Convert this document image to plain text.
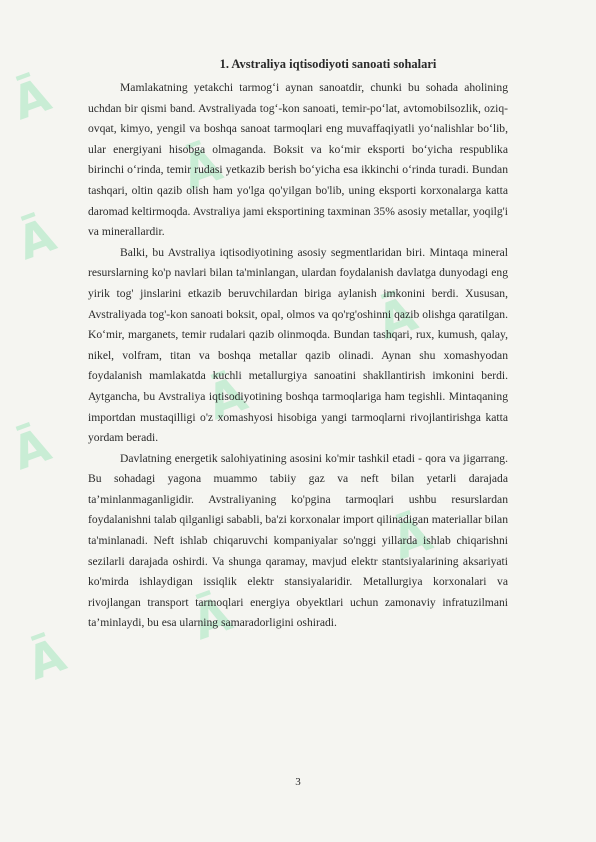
Ā
Ā
Ā
Ā
Ā
Ā
Ā
Ā
Ā
1. Avstraliya iqtisodiyoti sanoati sohalari

Mamlakatning yetakchi tarmog‘i aynan sanoatdir, chunki bu sohada aholining uchdan bir qismi band. Avstraliyada tog‘-kon sanoati, temir-po‘lat, avtomobilsozlik, oziq-ovqat, kimyo, yengil va boshqa sanoat tarmoqlari eng muvaffaqiyatli yo‘nalishlar bo‘lib, ular energiyani hisobga olmaganda. Boksit va ko‘mir eksporti bo‘yicha respublika birinchi o‘rinda, temir rudasi yetkazib berish bo‘yicha esa ikkinchi o‘rinda turadi. Bundan tashqari, oltin qazib olish ham yo'lga qo'yilgan bo'lib, uning eksporti korxonalarga katta daromad keltirmoqda. Avstraliya jami eksportining taxminan 35% asosiy metallar, yoqilg'i va minerallardir.

Balki, bu Avstraliya iqtisodiyotining asosiy segmentlaridan biri. Mintaqa mineral resurslarning ko'p navlari bilan ta'minlangan, ulardan foydalanish davlatga dunyodagi eng yirik tog' jinslarini etkazib beruvchilardan biriga aylanish imkonini berdi. Xususan, Avstraliyada tog'-kon sanoati boksit, opal, olmos va qo'rg'oshinni qazib olishga qaratilgan. Ko‘mir, marganets, temir rudalari qazib olinmoqda. Bundan tashqari, rux, kumush, qalay, nikel, volfram, titan va boshqa metallar qazib olinadi. Aynan shu xomashyodan foydalanish mamlakatda kuchli metallurgiya sanoatini shakllantirish imkonini berdi. Aytgancha, bu Avstraliya iqtisodiyotining boshqa tarmoqlariga ham tegishli. Mintaqaning importdan mustaqilligi o'z xomashyosi hisobiga yangi tarmoqlarni rivojlantirishga katta yordam beradi.

Davlatning energetik salohiyatining asosini ko'mir tashkil etadi - qora va jigarrang. Bu sohadagi yagona muammo tabiiy gaz va neft bilan yetarli darajada ta’minlanmaganligidir. Avstraliyaning ko'pgina tarmoqlari ushbu resurslardan foydalanishni talab qilganligi sababli, ba'zi korxonalar import qilinadigan materiallar bilan ta'minlanadi. Neft ishlab chiqaruvchi kompaniyalar so'nggi yillarda ishlab chiqarishni sezilarli darajada oshirdi. Va shunga qaramay, mavjud elektr stantsiyalarining aksariyati ko'mirda ishlaydigan issiqlik elektr stansiyalaridir. Metallurgiya korxonalari va rivojlangan transport tarmoqlari energiya obyektlari uchun zamonaviy infratuzilmani ta’minlaydi, bu esa ularning samaradorligini oshiradi.

3
